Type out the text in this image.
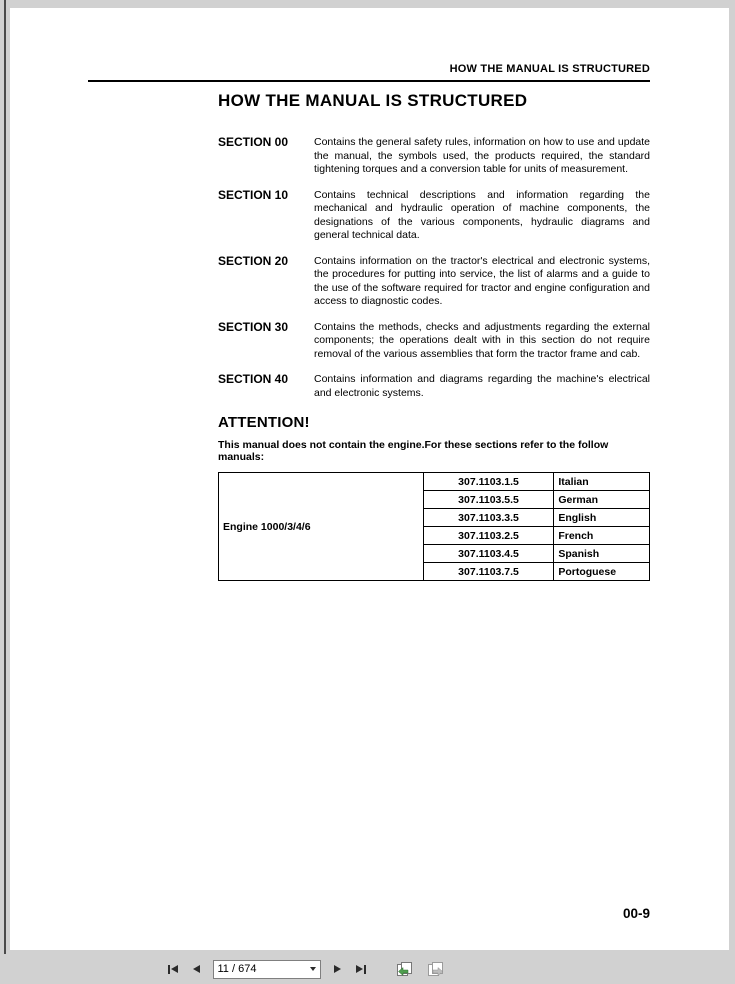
HOW THE MANUAL IS STRUCTURED
HOW THE MANUAL IS STRUCTURED
SECTION 00	Contains the general safety rules, information on how to use and update the manual, the symbols used, the products required, the standard tightening torques and a conversion table for units of measurement.
SECTION 10	Contains technical descriptions and information regarding the mechanical and hydraulic operation of machine components, the designations of the various components, hydraulic diagrams and general technical data.
SECTION 20	Contains information on the tractor's electrical and electronic systems, the procedures for putting into service, the list of alarms and a guide to the use of the software required for tractor and engine configuration and access to diagnostic codes.
SECTION 30	Contains the methods, checks and adjustments regarding the external components; the operations dealt with in this section do not require removal of the various assemblies that form the tractor frame and cab.
SECTION 40	Contains information and diagrams regarding the machine's electrical and electronic systems.
ATTENTION!
This manual does not contain the engine.For these sections refer to the follow manuals:
Engine 1000/3/4/6	307.1103.1.5	Italian
	307.1103.5.5	German
	307.1103.3.5	English
	307.1103.2.5	French
	307.1103.4.5	Spanish
	307.1103.7.5	Portoguese
00-9
11 / 674
